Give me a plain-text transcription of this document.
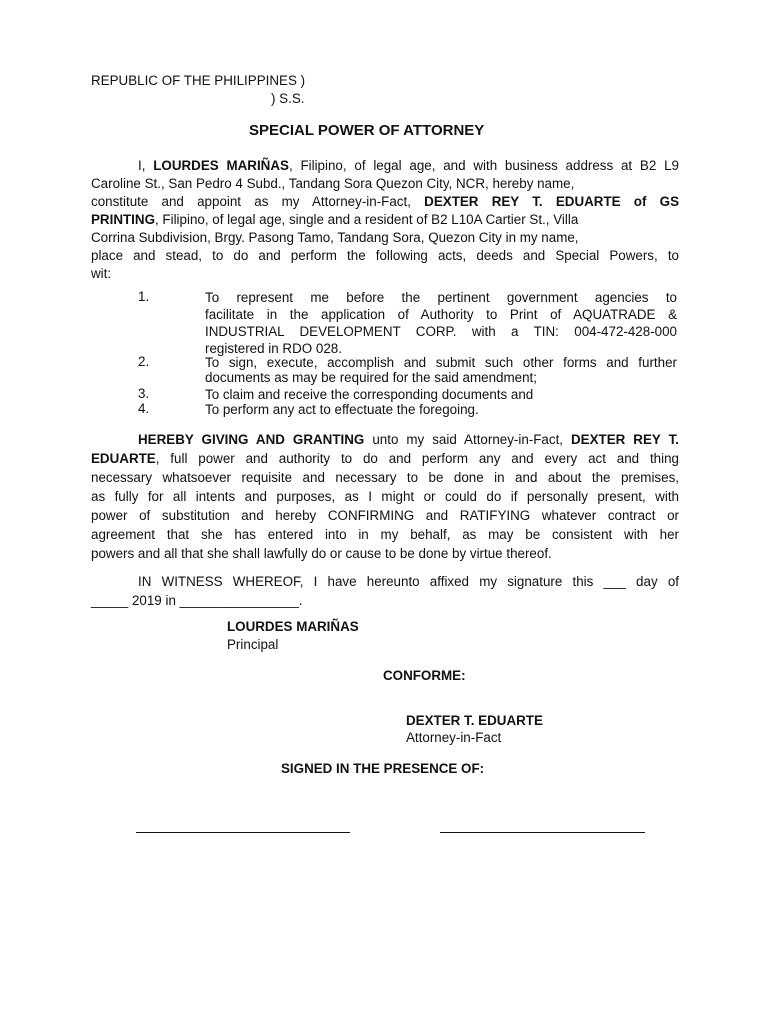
REPUBLIC OF THE PHILIPPINES )
) S.S.
SPECIAL POWER OF ATTORNEY
I, LOURDES MARIÑAS, Filipino, of legal age, and with business address at B2 L9
Caroline St., San Pedro 4 Subd., Tandang Sora Quezon City, NCR, hereby name,
constitute and appoint as my Attorney-in-Fact, DEXTER REY T. EDUARTE of GS
PRINTING, Filipino, of legal age, single and a resident of B2 L10A Cartier St., Villa
Corrina Subdivision, Brgy. Pasong Tamo, Tandang Sora, Quezon City in my name,
place and stead, to do and perform the following acts, deeds and Special Powers, to
wit:
1.	To represent me before the pertinent government agencies to
facilitate in the application of Authority to Print of AQUATRADE &
INDUSTRIAL DEVELOPMENT CORP. with a TIN: 004-472-428-000
registered in RDO 028.
2.	To sign, execute, accomplish and submit such other forms and further
documents as may be required for the said amendment;
3.	To claim and receive the corresponding documents and
4.	To perform any act to effectuate the foregoing.
HEREBY GIVING AND GRANTING unto my said Attorney-in-Fact, DEXTER REY T.
EDUARTE, full power and authority to do and perform any and every act and thing
necessary whatsoever requisite and necessary to be done in and about the premises,
as fully for all intents and purposes, as I might or could do if personally present, with
power of substitution and hereby CONFIRMING and RATIFYING whatever contract or
agreement that she has entered into in my behalf, as may be consistent with her
powers and all that she shall lawfully do or cause to be done by virtue thereof.
IN WITNESS WHEREOF, I have hereunto affixed my signature this ___ day of
_____ 2019 in ________________.
LOURDES MARIÑAS
Principal
CONFORME:
DEXTER T. EDUARTE
Attorney-in-Fact
SIGNED IN THE PRESENCE OF:
